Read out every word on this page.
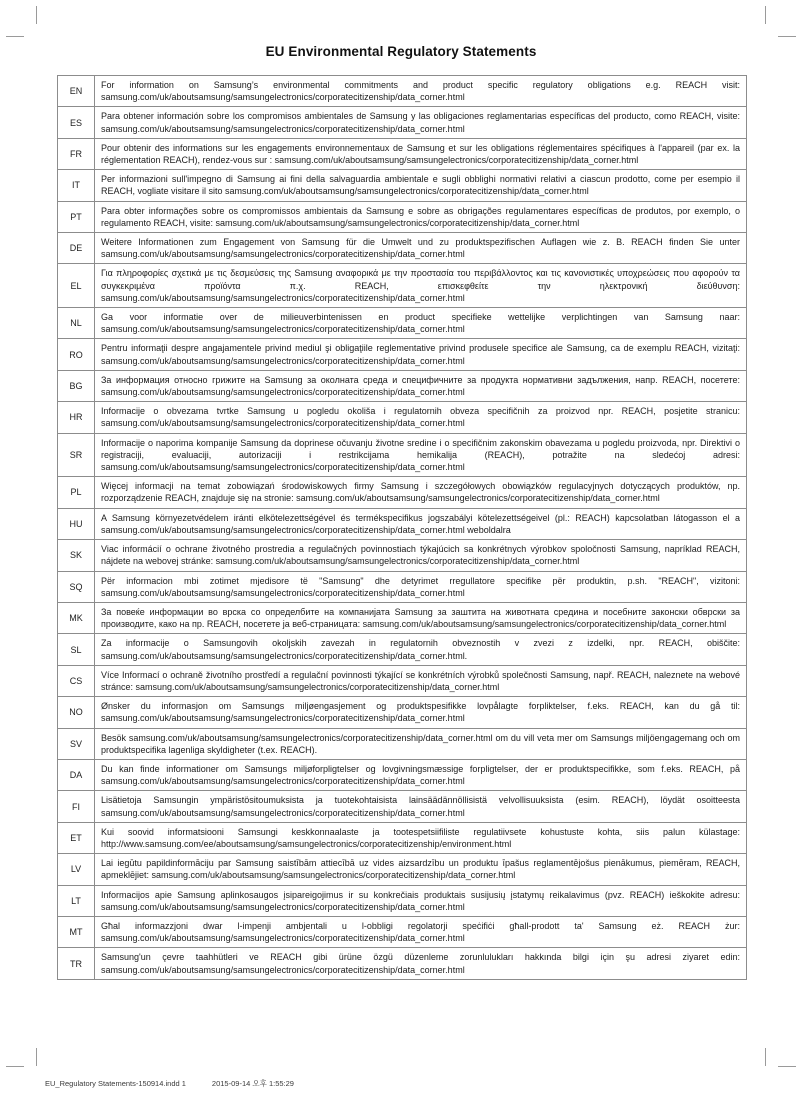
EU Environmental Regulatory Statements
EN	For information on Samsung’s environmental commitments and product specific regulatory obligations e.g. REACH visit: samsung.com/uk/aboutsamsung/samsungelectronics/corporatecitizenship/data_corner.html
ES	Para obtener información sobre los compromisos ambientales de Samsung y las obligaciones reglamentarias específicas del producto, como REACH, visite: samsung.com/uk/aboutsamsung/samsungelectronics/corporatecitizenship/data_corner.html
FR	Pour obtenir des informations sur les engagements environnementaux de Samsung et sur les obligations réglementaires spécifiques à l'appareil (par ex. la réglementation REACH), rendez-vous sur : samsung.com/uk/aboutsamsung/samsungelectronics/corporatecitizenship/data_corner.html
IT	Per informazioni sull'impegno di Samsung ai fini della salvaguardia ambientale e sugli obblighi normativi relativi a ciascun prodotto, come per esempio il REACH, vogliate visitare il sito samsung.com/uk/aboutsamsung/samsungelectronics/corporatecitizenship/data_corner.html
PT	Para obter informações sobre os compromissos ambientais da Samsung e sobre as obrigações regulamentares específicas de produtos, por exemplo, o regulamento REACH, visite: samsung.com/uk/aboutsamsung/samsungelectronics/corporatecitizenship/data_corner.html
DE	Weitere Informationen zum Engagement von Samsung für die Umwelt und zu produktspezifischen Auflagen wie z. B. REACH finden Sie unter samsung.com/uk/aboutsamsung/samsungelectronics/corporatecitizenship/data_corner.html
EL	Για πληροφορίες σχετικά με τις δεσμεύσεις της Samsung αναφορικά με την προστασία του περιβάλλοντος και τις κανονιστικές υποχρεώσεις που αφορούν τα συγκεκριμένα προϊόντα π.χ. REACH, επισκεφθείτε την ηλεκτρονική διεύθυνση: samsung.com/uk/aboutsamsung/samsungelectronics/corporatecitizenship/data_corner.html
NL	Ga voor informatie over de milieuverbintenissen en product specifieke wettelijke verplichtingen van Samsung naar: samsung.com/uk/aboutsamsung/samsungelectronics/corporatecitizenship/data_corner.html
RO	Pentru informaţii despre angajamentele privind mediul şi obligaţiile reglementative privind produsele specifice ale Samsung, ca de exemplu REACH, vizitaţi: samsung.com/uk/aboutsamsung/samsungelectronics/corporatecitizenship/data_corner.html
BG	За информация относно грижите на Samsung за околната среда и специфичните за продукта нормативни задължения, напр. REACH, посетете: samsung.com/uk/aboutsamsung/samsungelectronics/corporatecitizenship/data_corner.html
HR	Informacije o obvezama tvrtke Samsung u pogledu okoliša i regulatornih obveza specifičnih za proizvod npr. REACH, posjetite stranicu: samsung.com/uk/aboutsamsung/samsungelectronics/corporatecitizenship/data_corner.html
SR	Informacije o naporima kompanije Samsung da doprinese očuvanju životne sredine i o specifičnim zakonskim obavezama u pogledu proizvoda, npr. Direktivi o registraciji, evaluaciji, autorizaciji i restrikcijama hemikalija (REACH), potražite na sledećoj adresi: samsung.com/uk/aboutsamsung/samsungelectronics/corporatecitizenship/data_corner.html
PL	Więcej informacji na temat zobowiązań środowiskowych firmy Samsung i szczegółowych obowiązków regulacyjnych dotyczących produktów, np. rozporządzenie REACH, znajduje się na stronie: samsung.com/uk/aboutsamsung/samsungelectronics/corporatecitizenship/data_corner.html
HU	A Samsung környezetvédelem iránti elkötelezettségével és termékspecifikus jogszabályi kötelezettségeivel (pl.: REACH) kapcsolatban látogasson el a samsung.com/uk/aboutsamsung/samsungelectronics/corporatecitizenship/data_corner.html weboldalra
SK	Viac informácií o ochrane životného prostredia a regulačných povinnostiach týkajúcich sa konkrétnych výrobkov spoločnosti Samsung, napríklad REACH, nájdete na webovej stránke: samsung.com/uk/aboutsamsung/samsungelectronics/corporatecitizenship/data_corner.html
SQ	Për informacion mbi zotimet mjedisore të "Samsung" dhe detyrimet rregullatore specifike për produktin, p.sh. "REACH", vizitoni: samsung.com/uk/aboutsamsung/samsungelectronics/corporatecitizenship/data_corner.html
MK	За повеќе информации во врска со определбите на компанијата Samsung за заштита на животната средина и посебните законски обврски за производите, како на пр. REACH, посетете ја веб-страницата: samsung.com/uk/aboutsamsung/samsungelectronics/corporatecitizenship/data_corner.html
SL	Za informacije o Samsungovih okoljskih zavezah in regulatornih obveznostih v zvezi z izdelki, npr. REACH, obiščite: samsung.com/uk/aboutsamsung/samsungelectronics/corporatecitizenship/data_corner.html.
CS	Více Informací o ochraně životního prostředí a regulační povinnosti týkající se konkrétních výrobků společnosti Samsung, např. REACH, naleznete na webové stránce: samsung.com/uk/aboutsamsung/samsungelectronics/corporatecitizenship/data_corner.html
NO	Ønsker du informasjon om Samsungs miljøengasjement og produktspesifikke lovpålagte forpliktelser, f.eks. REACH, kan du gå til: samsung.com/uk/aboutsamsung/samsungelectronics/corporatecitizenship/data_corner.html
SV	Besök samsung.com/uk/aboutsamsung/samsungelectronics/corporatecitizenship/data_corner.html om du vill veta mer om Samsungs miljöengagemang och om produktspecifika lagenliga skyldigheter (t.ex. REACH).
DA	Du kan finde informationer om Samsungs miljøforpligtelser og lovgivningsmæssige forpligtelser, der er produktspecifikke, som f.eks. REACH, på samsung.com/uk/aboutsamsung/samsungelectronics/corporatecitizenship/data_corner.html
FI	Lisätietoja Samsungin ympäristösitoumuksista ja tuotekohtaisista lainsäädännöllisistä velvollisuuksista (esim. REACH), löydät osoitteesta samsung.com/uk/aboutsamsung/samsungelectronics/corporatecitizenship/data_corner.html
ET	Kui soovid informatsiooni Samsungi keskkonnaalaste ja tootespetsiifiliste regulatiivsete kohustuste kohta, siis palun külastage: http://www.samsung.com/ee/aboutsamsung/samsungelectronics/corporatecitizenship/environment.html
LV	Lai iegūtu papildinformāciju par Samsung saistībām attiecībā uz vides aizsardzību un produktu īpašus reglamentējošus pienākumus, piemēram, REACH, apmeklējiet: samsung.com/uk/aboutsamsung/samsungelectronics/corporatecitizenship/data_corner.html
LT	Informacijos apie Samsung aplinkosaugos įsipareigojimus ir su konkrečiais produktais susijusių įstatymų reikalavimus (pvz. REACH) ieškokite adresu: samsung.com/uk/aboutsamsung/samsungelectronics/corporatecitizenship/data_corner.html
MT	Għal informazzjoni dwar l-impenji ambjentali u l-obbligi regolatorji speċifiċi għall-prodott ta' Samsung eż. REACH żur: samsung.com/uk/aboutsamsung/samsungelectronics/corporatecitizenship/data_corner.html
TR	Samsung'un çevre taahhütleri ve REACH gibi ürüne özgü düzenleme zorunlulukları hakkında bilgi için şu adresi ziyaret edin: samsung.com/uk/aboutsamsung/samsungelectronics/corporatecitizenship/data_corner.html
EU_Regulatory Statements-150914.indd 1	2015-09-14 오후 1:55:29
